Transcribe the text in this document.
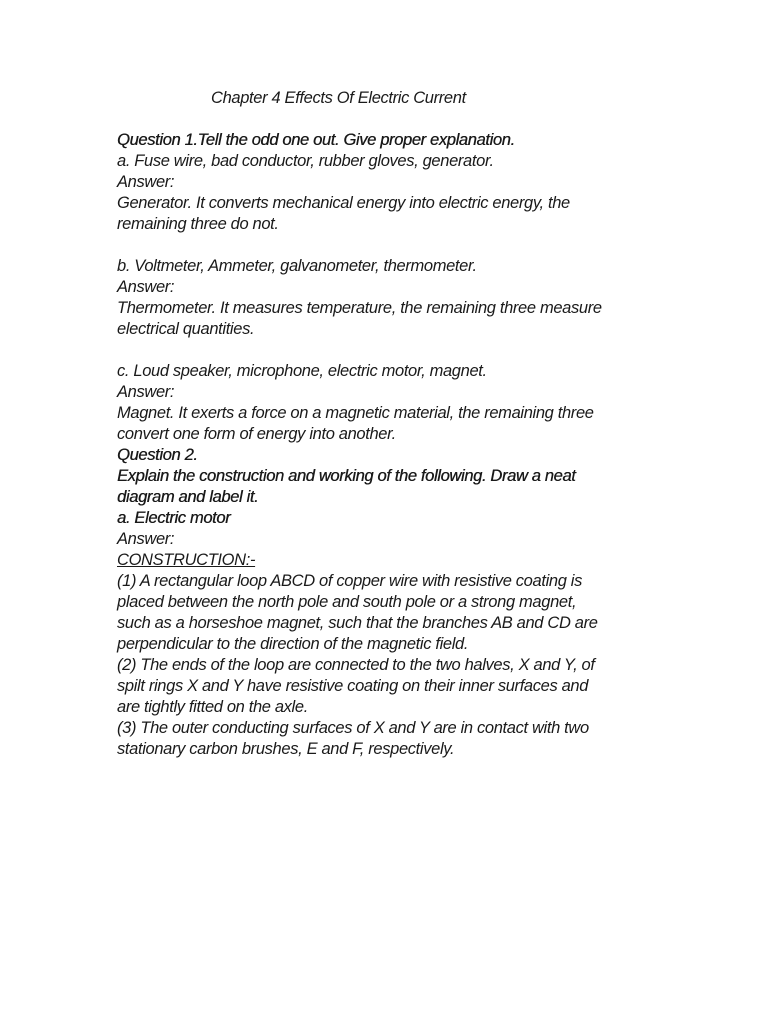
Chapter 4 Effects Of Electric Current
Question 1.Tell the odd one out. Give proper explanation.
a. Fuse wire, bad conductor, rubber gloves, generator.
Answer:
Generator. It converts mechanical energy into electric energy, the
remaining three do not.
b. Voltmeter, Ammeter, galvanometer, thermometer.
Answer:
Thermometer. It measures temperature, the remaining three measure
electrical quantities.
c. Loud speaker, microphone, electric motor, magnet.
Answer:
Magnet. It exerts a force on a magnetic material, the remaining three
convert one form of energy into another.
Question 2.
Explain the construction and working of the following. Draw a neat
diagram and label it.
a. Electric motor
Answer:
CONSTRUCTION:-
(1) A rectangular loop ABCD of copper wire with resistive coating is
placed between the north pole and south pole or a strong magnet,
such as a horseshoe magnet, such that the branches AB and CD are
perpendicular to the direction of the magnetic field.
(2) The ends of the loop are connected to the two halves, X and Y, of
spilt rings X and Y have resistive coating on their inner surfaces and
are tightly fitted on the axle.
(3) The outer conducting surfaces of X and Y are in contact with two
stationary carbon brushes, E and F, respectively.
